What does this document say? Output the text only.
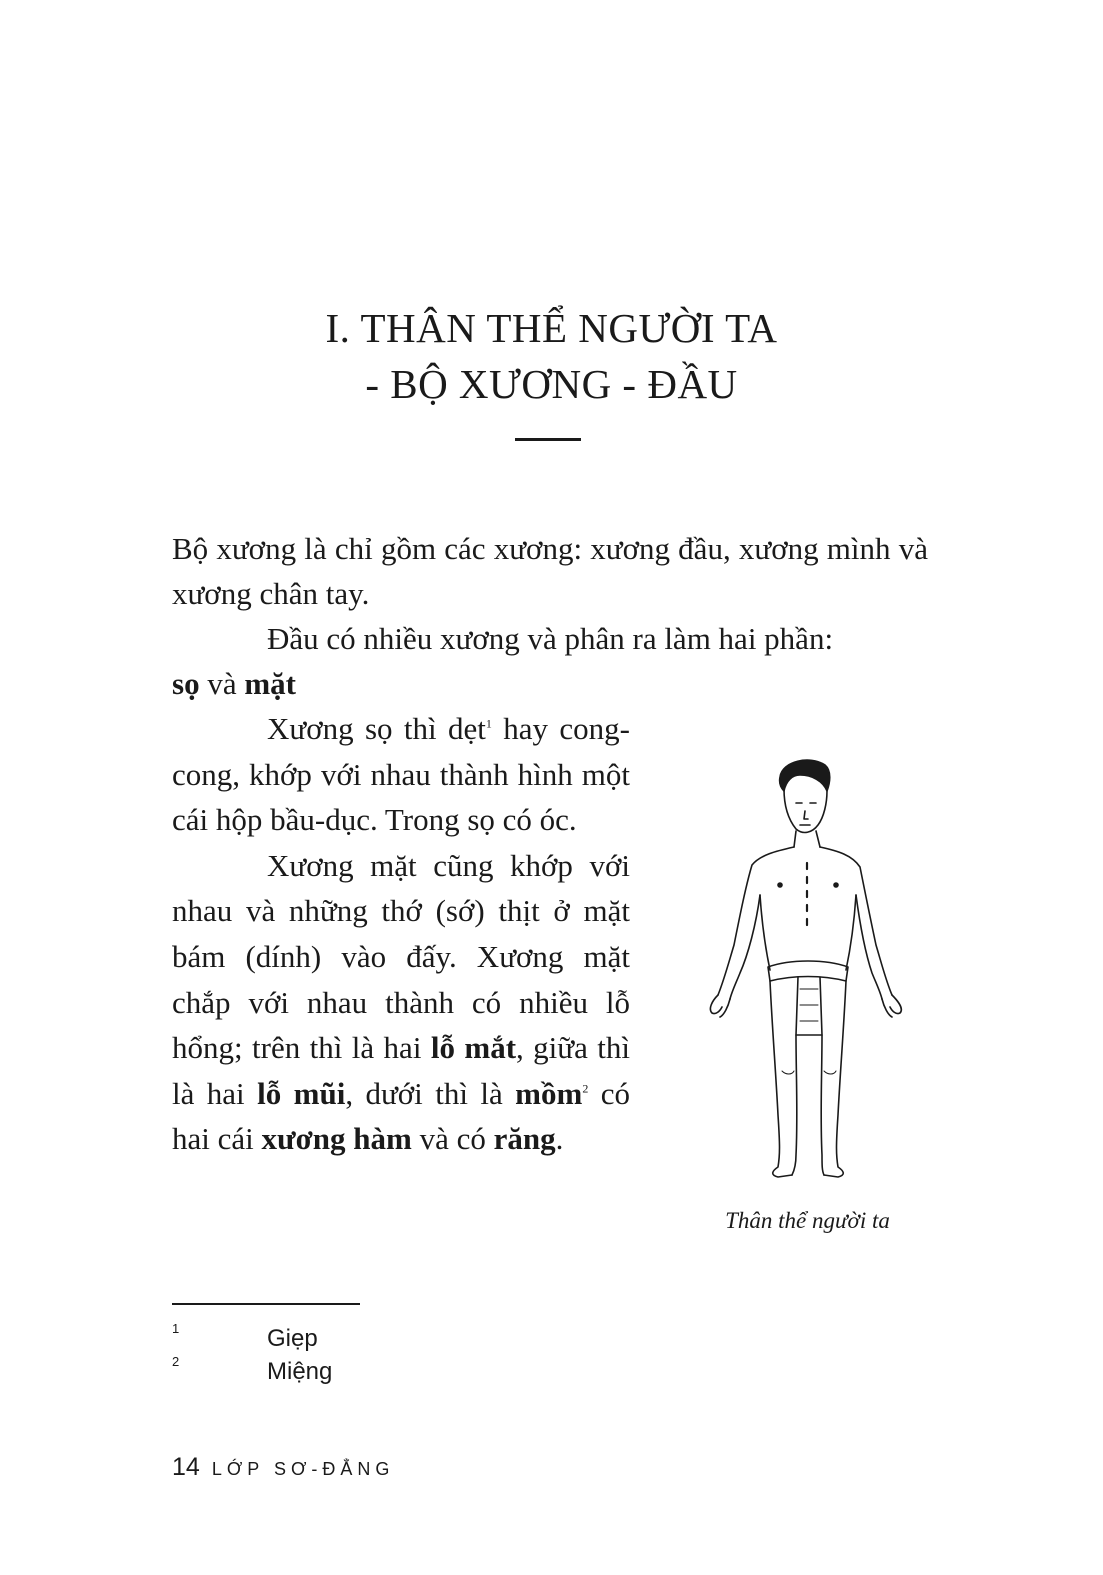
I. THÂN THỂ NGƯỜI TA
- BỘ XƯƠNG - ĐẦU

Bộ xương là chỉ gồm các xương: xương đầu, xương mình và xương chân tay.

Đầu có nhiều xương và phân ra làm hai phần:

sọ và mặt

Xương sọ thì dẹt$^1$ hay cong-cong, khớp với nhau thành hình một cái hộp bầu-dục. Trong sọ có óc.

Xương mặt cũng khớp với nhau và những thớ (sớ) thịt ở mặt bám (dính) vào đấy. Xương mặt chắp với nhau thành có nhiều lỗ hổng; trên thì là hai lỗ mắt, giữa thì là hai lỗ mũi, dưới thì là mồm$^2$ có hai cái xương hàm và có răng.

Thân thể người ta
1	Giẹp
2	Miệng
14 LỚP SƠ-ĐẲNG
